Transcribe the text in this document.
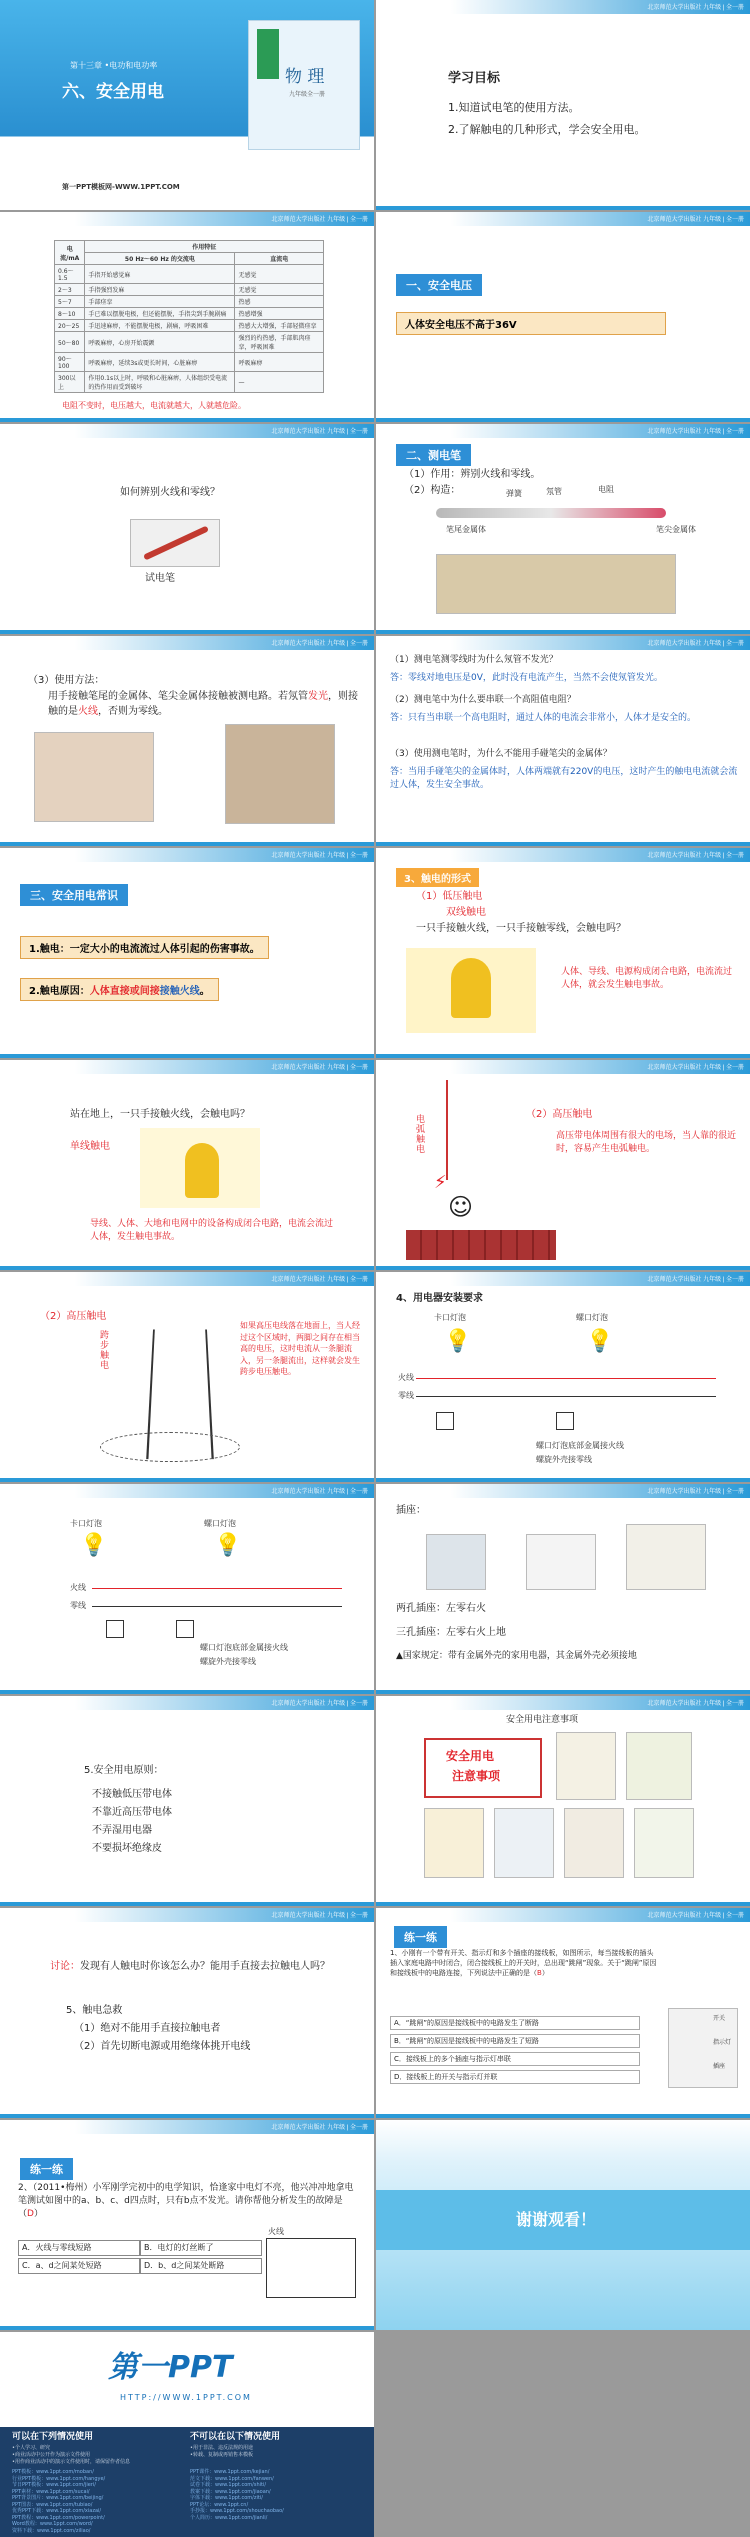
第十三章 •电功和电功率
六、安全用电
物 理
九年级全一册
第一PPT模板网-WWW.1PPT.COM
北京师范大学出版社 九年级 | 全一册
学习目标
1.知道试电笔的使用方法。
2.了解触电的几种形式，学会安全用电。
北京师范大学出版社 九年级 | 全一册
电流/mA	作用特征	
	50 Hz～60 Hz 的交流电	直流电
0.6～1.5	手指开始感觉麻	无感觉
2～3	手指强烈发麻	无感觉
5～7	手部痉挛	热感
8～10	手已难以摆脱电极，但还能摆脱，手指尖到手腕剧痛	热感增强
20～25	手迅速麻痹，不能摆脱电极，剧痛，呼吸困难	热感大大增强，手部轻微痉挛
50～80	呼吸麻痹，心房开始震颤	强烈的灼热感，手部肌肉痉挛，呼吸困难
90～100	呼吸麻痹，延续3s或更长时间，心脏麻痹	呼吸麻痹
300以上	作用0.1s以上时，呼吸和心脏麻痹，人体组织受电流的热作用而受到破坏	—
电阻不变时，电压越大，电流就越大，人就越危险。
北京师范大学出版社 九年级 | 全一册
一、安全电压
人体安全电压不高于36V
北京师范大学出版社 九年级 | 全一册
如何辨别火线和零线？
试电笔
北京师范大学出版社 九年级 | 全一册
二、测电笔
（1）作用：辨别火线和零线。
（2）构造：	弹簧	氖管	电阻
笔尾金属体	笔尖金属体
北京师范大学出版社 九年级 | 全一册
（3）使用方法：
用手接触笔尾的金属体、笔尖金属体接触被测电路。若氖管发光，则接触的是火线，否则为零线。
北京师范大学出版社 九年级 | 全一册
（1）测电笔测零线时为什么氖管不发光？
答：零线对地电压是0V，此时没有电流产生，当然不会使氖管发光。
（2）测电笔中为什么要串联一个高阻值电阻？
答：只有当串联一个高电阻时，通过人体的电流会非常小，人体才是安全的。
（3）使用测电笔时，为什么不能用手碰笔尖的金属体？
答：当用手碰笔尖的金属体时，人体两端就有220V的电压，这时产生的触电电流就会流过人体，发生安全事故。
北京师范大学出版社 九年级 | 全一册
三、安全用电常识
1.触电：一定大小的电流流过人体引起的伤害事故。
2.触电原因：人体直接或间接接触火线。
北京师范大学出版社 九年级 | 全一册
3、触电的形式
（1）低压触电
双线触电
一只手接触火线，一只手接触零线，会触电吗？
人体、导线、电源构成闭合电路，电流流过人体，就会发生触电事故。
北京师范大学出版社 九年级 | 全一册
站在地上，一只手接触火线，会触电吗？
单线触电
导线、人体、大地和电网中的设备构成闭合电路，电流会流过人体，发生触电事故。
北京师范大学出版社 九年级 | 全一册
（2）高压触电
电弧触电
⚡
☺
高压带电体周围有很大的电场，当人靠的很近时，容易产生电弧触电。
北京师范大学出版社 九年级 | 全一册
（2）高压触电
跨步触电
如果高压电线落在地面上，当人经过这个区域时，两脚之间存在相当高的电压，这时电流从一条腿流入，另一条腿流出，这样就会发生跨步电压触电。
北京师范大学出版社 九年级 | 全一册
4、用电器安装要求
卡口灯泡	螺口灯泡
💡	💡
火线
零线
螺口灯泡底部金属接火线
螺旋外壳接零线
北京师范大学出版社 九年级 | 全一册
卡口灯泡	螺口灯泡
💡	💡
火线
零线
螺口灯泡底部金属接火线
螺旋外壳接零线
北京师范大学出版社 九年级 | 全一册
插座：
两孔插座：左零右火
三孔插座：左零右火上地
▲国家规定：带有金属外壳的家用电器，其金属外壳必须接地
北京师范大学出版社 九年级 | 全一册
5.安全用电原则：
不接触低压带电体
不靠近高压带电体
不弄湿用电器
不要损坏绝缘皮
北京师范大学出版社 九年级 | 全一册
安全用电注意事项
安全用电
注意事项
北京师范大学出版社 九年级 | 全一册
讨论：发现有人触电时你该怎么办？能用手直接去拉触电人吗？
5、触电急救
（1）绝对不能用手直接拉触电者
（2）首先切断电源或用绝缘体挑开电线
北京师范大学出版社 九年级 | 全一册
练一练
1、小刚有一个带有开关、指示灯和多个插座的接线板，如图所示，每当接线板的插头插入家庭电路中时闭合，闭合接线板上的开关时，总出现“跳闸”现象。关于“跳闸”原因和接线板中的电路连接，下列说法中正确的是（B）
A．“跳闸”的原因是接线板中的电路发生了断路
B．“跳闸”的原因是接线板中的电路发生了短路
C．接线板上的多个插座与指示灯串联
D．接线板上的开关与指示灯并联
开关
指示灯
插座
北京师范大学出版社 九年级 | 全一册
练一练
2、（2011•梅州）小军刚学完初中的电学知识，恰逢家中电灯不亮，他兴冲冲地拿电笔测试如图中的a、b、c、d四点时，只有b点不发光。请你帮他分析发生的故障是（D）
A．火线与零线短路	B．电灯的灯丝断了
C．a、d之间某处短路	D．b、d之间某处断路
火线
谢谢观看！
第一PPT
HTTP://WWW.1PPT.COM
可以在下列情况使用
•个人学习、研究
•商业活动中公开作为演示文件使用
•用作商业活动中的演示文件使用时，请保留作者信息
不可以在以下情况使用
•用于非法、违反法规的用途
•转载、复制或再销售本模板
PPT模板：www.1ppt.com/moban/
行业PPT模板：www.1ppt.com/hangye/
节日PPT模板：www.1ppt.com/jieri/
PPT素材：www.1ppt.com/sucai/
PPT背景图片：www.1ppt.com/beijing/
PPT图表：www.1ppt.com/tubiao/
优秀PPT下载：www.1ppt.com/xiazai/
PPT教程：www.1ppt.com/powerpoint/
Word教程：www.1ppt.com/word/
资料下载：www.1ppt.com/ziliao/
PPT课件：www.1ppt.com/kejian/
范文下载：www.1ppt.com/fanwen/
试卷下载：www.1ppt.com/shiti/
教案下载：www.1ppt.com/jiaoan/
字体下载：www.1ppt.com/ziti/
PPT论坛：www.1ppt.cn/
手抄报：www.1ppt.com/shouchaobao/
个人简历：www.1ppt.com/jianli/
